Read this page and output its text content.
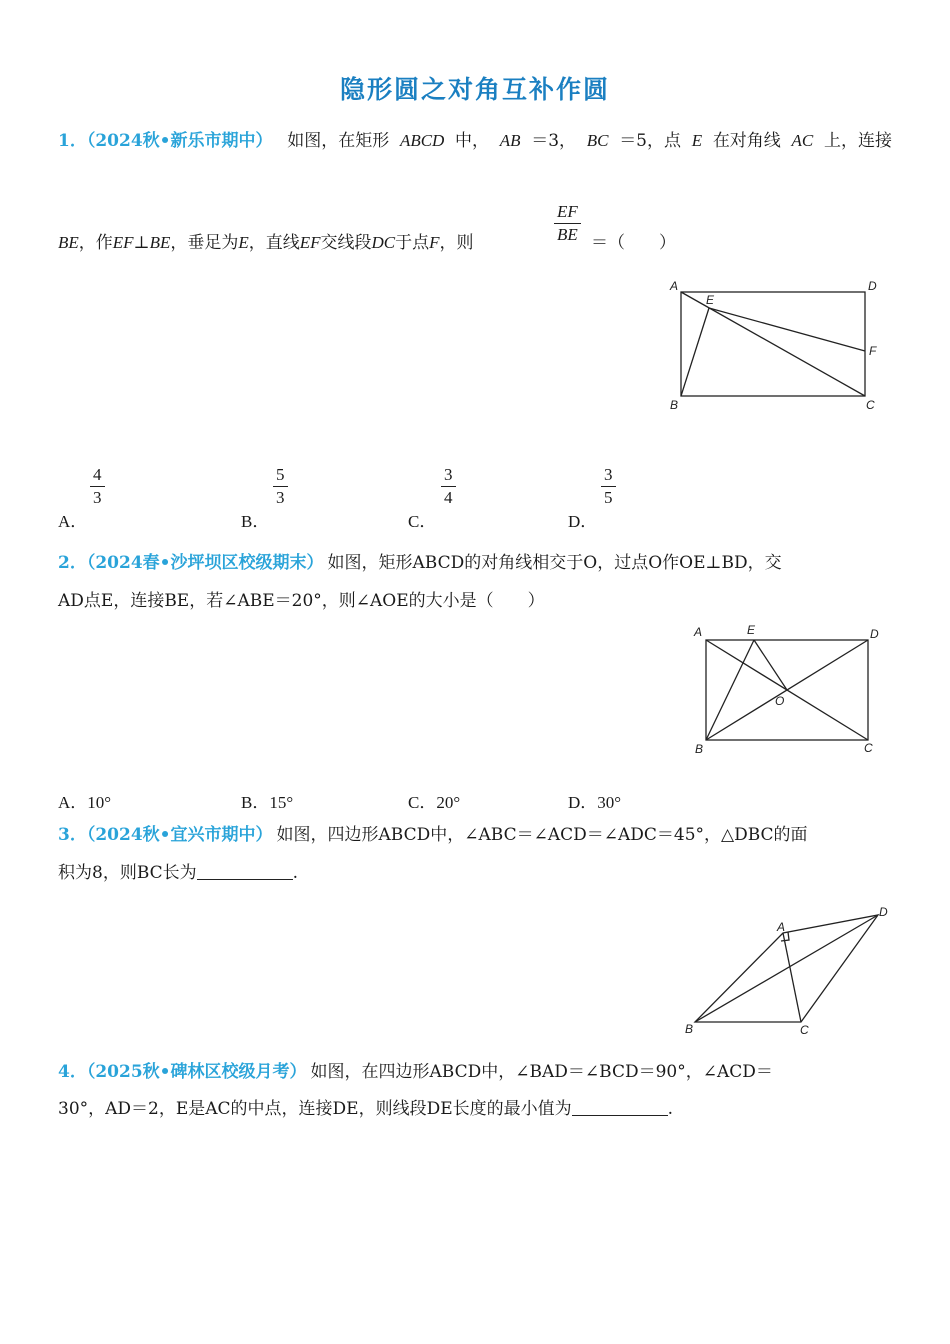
隐形圆之对角互补作圆
1．（2024秋•新乐市期中） 如图，在矩形 ABCD 中， AB ＝3， BC ＝5，点 E 在对角线 AC 上，连接
BE，作EF⊥BE，垂足为E，直线EF交线段DC于点F，则
EF
BE ＝（　　）
A	D
E
F
B	C
A．
4
3
B．
5
3
C．
3
4
D．
3
5
2．（2024春•沙坪坝区校级期末） 如图，矩形ABCD的对角线相交于O，过点O作OE⊥BD，交
AD点E，连接BE，若∠ABE＝20°，则∠AOE的大小是（　　）
A	E	D
O
B	C
A．10°	B．15°	C．20°	D．30°
3．（2024秋•宜兴市期中） 如图，四边形ABCD中，∠ABC＝∠ACD＝∠ADC＝45°，△DBC的面
积为8，则BC长为	.
A
D
B	C
4．（2025秋•碑林区校级月考） 如图，在四边形ABCD中，∠BAD＝∠BCD＝90°，∠ACD＝
30°，AD＝2，E是AC的中点，连接DE，则线段DE长度的最小值为	.
